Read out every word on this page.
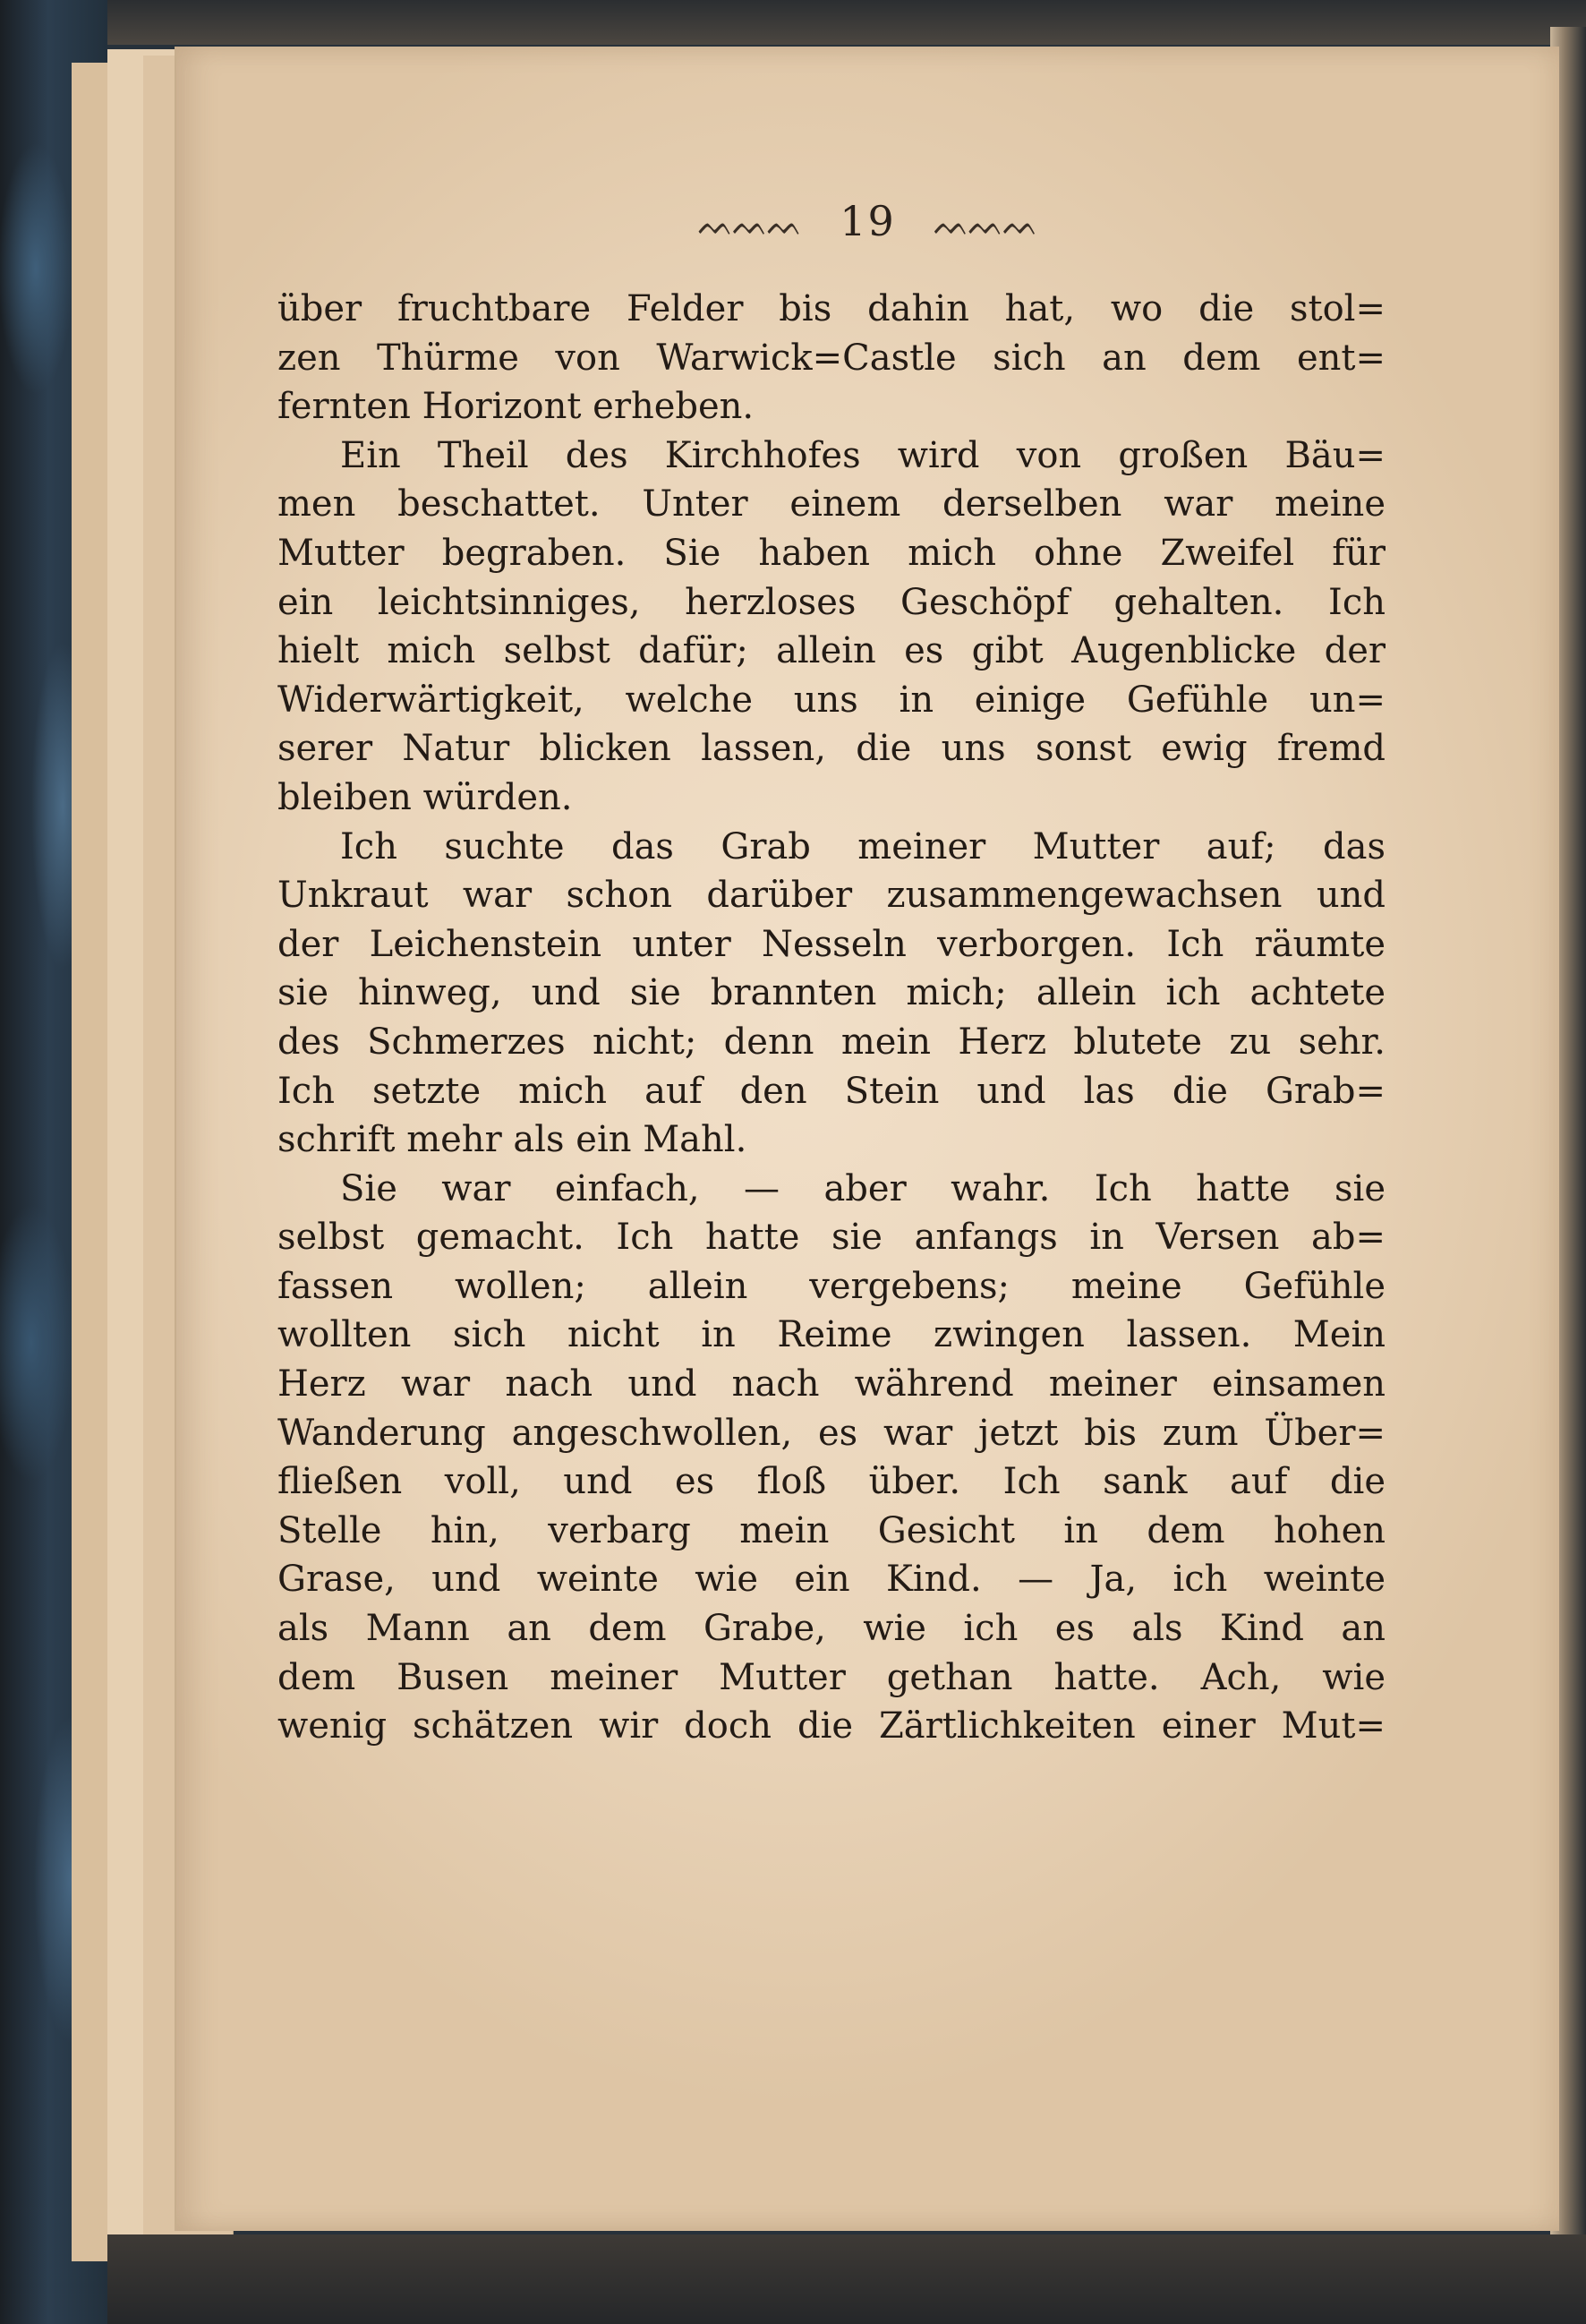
ᨓᨓᨓ 19 ᨓᨓᨓ
über fruchtbare Felder bis dahin hat, wo die stol=
zen Thürme von Warwick=Castle sich an dem ent=
fernten Horizont erheben.
Ein Theil des Kirchhofes wird von großen Bäu=
men beschattet. Unter einem derselben war meine
Mutter begraben. Sie haben mich ohne Zweifel für
ein leichtsinniges, herzloses Geschöpf gehalten. Ich
hielt mich selbst dafür; allein es gibt Augenblicke der
Widerwärtigkeit, welche uns in einige Gefühle un=
serer Natur blicken lassen, die uns sonst ewig fremd
bleiben würden.
Ich suchte das Grab meiner Mutter auf; das
Unkraut war schon darüber zusammengewachsen und
der Leichenstein unter Nesseln verborgen. Ich räumte
sie hinweg, und sie brannten mich; allein ich achtete
des Schmerzes nicht; denn mein Herz blutete zu sehr.
Ich setzte mich auf den Stein und las die Grab=
schrift mehr als ein Mahl.
Sie war einfach, — aber wahr. Ich hatte sie
selbst gemacht. Ich hatte sie anfangs in Versen ab=
fassen wollen; allein vergebens; meine Gefühle
wollten sich nicht in Reime zwingen lassen. Mein
Herz war nach und nach während meiner einsamen
Wanderung angeschwollen, es war jetzt bis zum Über=
fließen voll, und es floß über. Ich sank auf die
Stelle hin, verbarg mein Gesicht in dem hohen
Grase, und weinte wie ein Kind. — Ja, ich weinte
als Mann an dem Grabe, wie ich es als Kind an
dem Busen meiner Mutter gethan hatte. Ach, wie
wenig schätzen wir doch die Zärtlichkeiten einer Mut=
